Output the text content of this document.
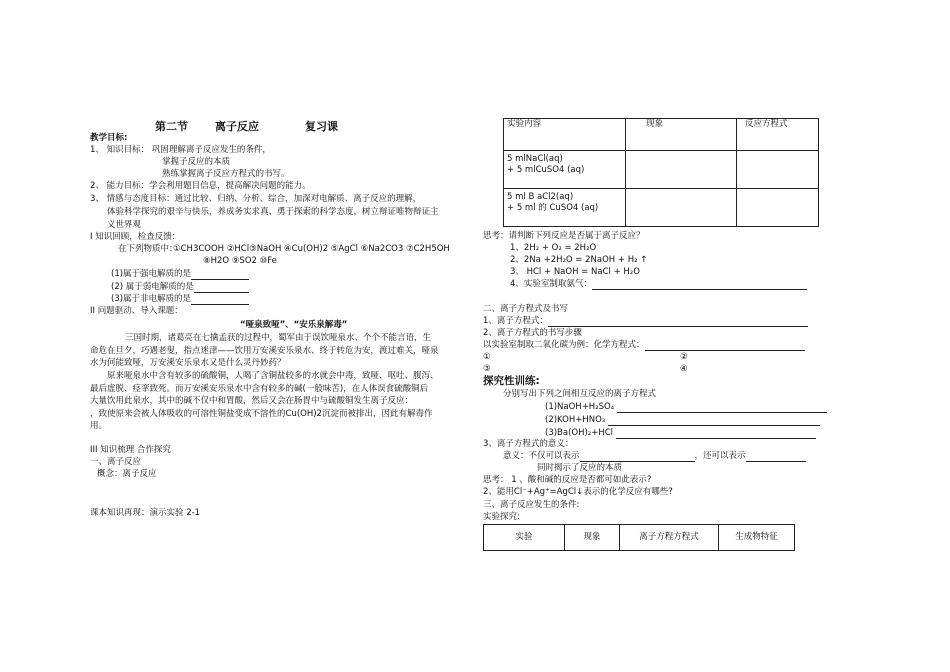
第二节 离子反应	复习课
教学目标:
1、 知识目标： 巩固理解离子反应发生的条件，
掌握子反应的本质
熟练掌握离子反应方程式的书写。
2、 能力目标：学会利用题目信息，提高解决问题的能力。
3、 情感与态度目标：通过比较、归纳、分析、综合，加深对电解质、离子反应的理解，
体验科学探究的艰辛与快乐，养成务实求真、勇于探索的科学态度，树立辩证唯物辩证主
义世界观
I 知识回顾，检查反馈：
在下列物质中：
①CH3COOH ②HCl③NaOH ④Cu(OH)2 ⑤AgCl ⑥Na2CO3 ⑦C2H5OH
⑧H2O ⑨SO2 ⑩Fe
(1)属于强电解质的是
(2) 属于弱电解质的是
(3)属于非电解质的是
II 问题驱动、导入课题：
“哑泉致哑”、“安乐泉解毒”
三国时期，诸葛亮在七擒孟获的过程中，蜀军由于误饮哑泉水、个个不能言语，生
命危在旦夕，巧遇老叟，指点迷津——饮用万安溪安乐泉水、终于转危为安，渡过难关，哑泉
水为何能致哑，万安溪安乐泉水又是什么灵丹妙药？
原来哑泉水中含有较多的硫酸铜，人喝了含铜盐较多的水就会中毒，致哑、呕吐、腹泻、
最后虚脱、痉挛致死。而万安溪安乐泉水中含有较多的碱(一般味苦)，在人体误食硫酸铜后
大量饮用此泉水，其中的碱不仅中和胃酸，然后又会在肠胃中与硫酸铜发生离子反应：
，致使原来会被人体吸收的可溶性铜盐变成不溶性的Cu(OH)2沉淀而被排出，因此有解毒作
用。
III 知识梳理 合作探究
一、离子反应
概念：离子反应
课本知识再现：演示实验 2-1
实验内容	现象	反应方程式

5 mlNaCl(aq)
+ 5 mlCuSO4 (aq)		

5 ml B aCl2(aq)
+ 5 ml 的 CuSO4 (aq)		

思考：请判断下列反应是否属于离子反应？
1、2H₂ + O₂ = 2H₂O
2、2Na +2H₂O = 2NaOH + H₂ ↑
3、 HCl + NaOH = NaCl + H₂O
4、实验室制取氨气：
二、离子方程式及书写
1、离子方程式：
2、离子方程式的书写步骤
以实验室制取二氧化碳为例：化学方程式：
①	②
③	④
探究性训练:
分别写出下列之间相互反应的离子方程式
(1)NaOH+H₂SO₄
(2)KOH+HNO₃
(3)Ba(OH)₂+HCl
3、离子方程式的意义：
意义：不仅可以表示	，还可以表示
同时揭示了反应的本质
思考： 1 、酸和碱的反应是否都可如此表示?
2、能用Cl⁻+Ag⁺=AgCl↓表示的化学反应有哪些?
三、离子反应发生的条件:
实验探究:
实验	现象	离子方程方程式	生成物特征
